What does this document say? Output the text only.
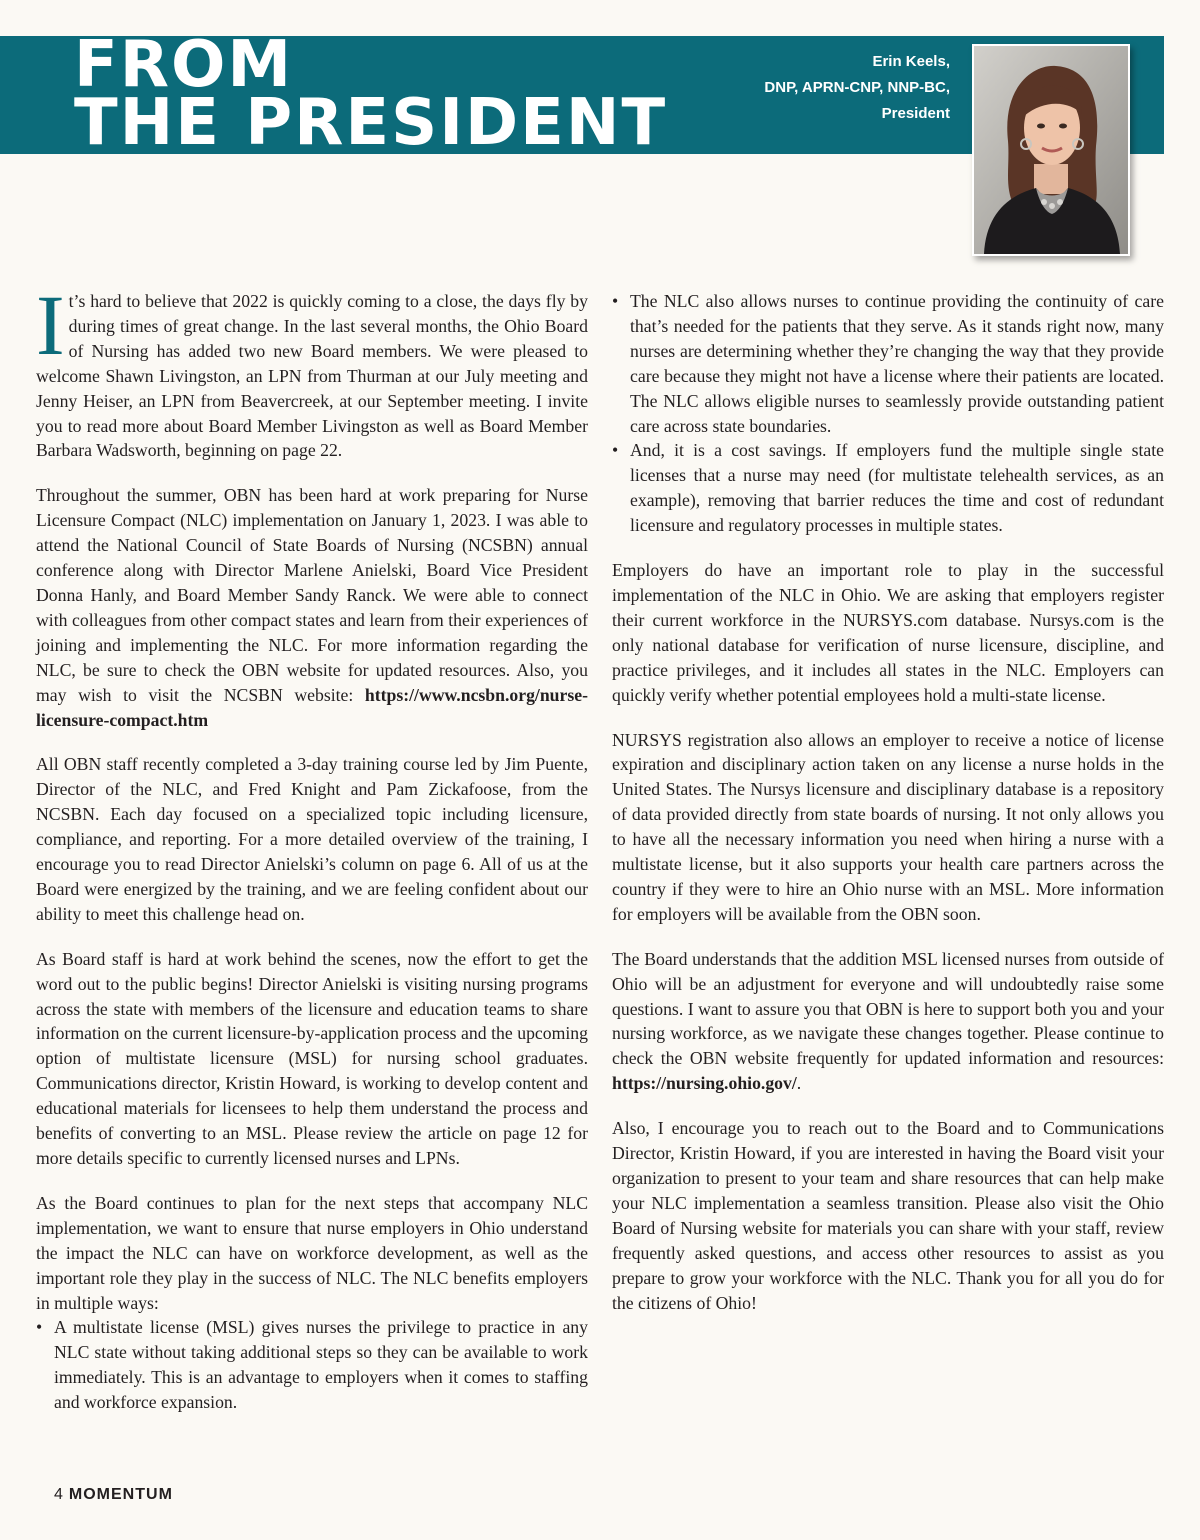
FROM
THE PRESIDENT
Erin Keels,
DNP, APRN-CNP, NNP-BC,
President

It’s hard to believe that 2022 is quickly coming to a close, the days fly by during times of great change. In the last several months, the Ohio Board of Nursing has added two new Board members. We were pleased to welcome Shawn Livingston, an LPN from Thurman at our July meeting and Jenny Heiser, an LPN from Beavercreek, at our September meeting. I invite you to read more about Board Member Livingston as well as Board Member Barbara Wadsworth, beginning on page 22.

Throughout the summer, OBN has been hard at work preparing for Nurse Licensure Compact (NLC) implementation on January 1, 2023. I was able to attend the National Council of State Boards of Nursing (NCSBN) annual conference along with Director Marlene Anielski, Board Vice President Donna Hanly, and Board Member Sandy Ranck. We were able to connect with colleagues from other compact states and learn from their experiences of joining and implementing the NLC. For more information regarding the NLC, be sure to check the OBN website for updated resources. Also, you may wish to visit the NCSBN website: https://www.ncsbn.org/nurse-licensure-compact.htm

All OBN staff recently completed a 3-day training course led by Jim Puente, Director of the NLC, and Fred Knight and Pam Zickafoose, from the NCSBN. Each day focused on a specialized topic including licensure, compliance, and reporting. For a more detailed overview of the training, I encourage you to read Director Anielski’s column on page 6. All of us at the Board were energized by the training, and we are feeling confident about our ability to meet this challenge head on.

As Board staff is hard at work behind the scenes, now the effort to get the word out to the public begins! Director Anielski is visiting nursing programs across the state with members of the licensure and education teams to share information on the current licensure-by-application process and the upcoming option of multistate licensure (MSL) for nursing school graduates. Communications director, Kristin Howard, is working to develop content and educational materials for licensees to help them understand the process and benefits of converting to an MSL. Please review the article on page 12 for more details specific to currently licensed nurses and LPNs.

As the Board continues to plan for the next steps that accompany NLC implementation, we want to ensure that nurse employers in Ohio understand the impact the NLC can have on workforce development, as well as the important role they play in the success of NLC. The NLC benefits employers in multiple ways:

• A multistate license (MSL) gives nurses the privilege to practice in any NLC state without taking additional steps so they can be available to work immediately. This is an advantage to employers when it comes to staffing and workforce expansion.
• The NLC also allows nurses to continue providing the continuity of care that’s needed for the patients that they serve. As it stands right now, many nurses are determining whether they’re changing the way that they provide care because they might not have a license where their patients are located. The NLC allows eligible nurses to seamlessly provide outstanding patient care across state boundaries.
• And, it is a cost savings. If employers fund the multiple single state licenses that a nurse may need (for multistate telehealth services, as an example), removing that barrier reduces the time and cost of redundant licensure and regulatory processes in multiple states.

Employers do have an important role to play in the successful implementation of the NLC in Ohio. We are asking that employers register their current workforce in the NURSYS.com database. Nursys.com is the only national database for verification of nurse licensure, discipline, and practice privileges, and it includes all states in the NLC. Employers can quickly verify whether potential employees hold a multi-state license.

NURSYS registration also allows an employer to receive a notice of license expiration and disciplinary action taken on any license a nurse holds in the United States. The Nursys licensure and disciplinary database is a repository of data provided directly from state boards of nursing. It not only allows you to have all the necessary information you need when hiring a nurse with a multistate license, but it also supports your health care partners across the country if they were to hire an Ohio nurse with an MSL. More information for employers will be available from the OBN soon.

The Board understands that the addition MSL licensed nurses from outside of Ohio will be an adjustment for everyone and will undoubtedly raise some questions. I want to assure you that OBN is here to support both you and your nursing workforce, as we navigate these changes together. Please continue to check the OBN website frequently for updated information and resources: https://nursing.ohio.gov/.

Also, I encourage you to reach out to the Board and to Communications Director, Kristin Howard, if you are interested in having the Board visit your organization to present to your team and share resources that can help make your NLC implementation a seamless transition. Please also visit the Ohio Board of Nursing website for materials you can share with your staff, review frequently asked questions, and access other resources to assist as you prepare to grow your workforce with the NLC. Thank you for all you do for the citizens of Ohio!

4 MOMENTUM
